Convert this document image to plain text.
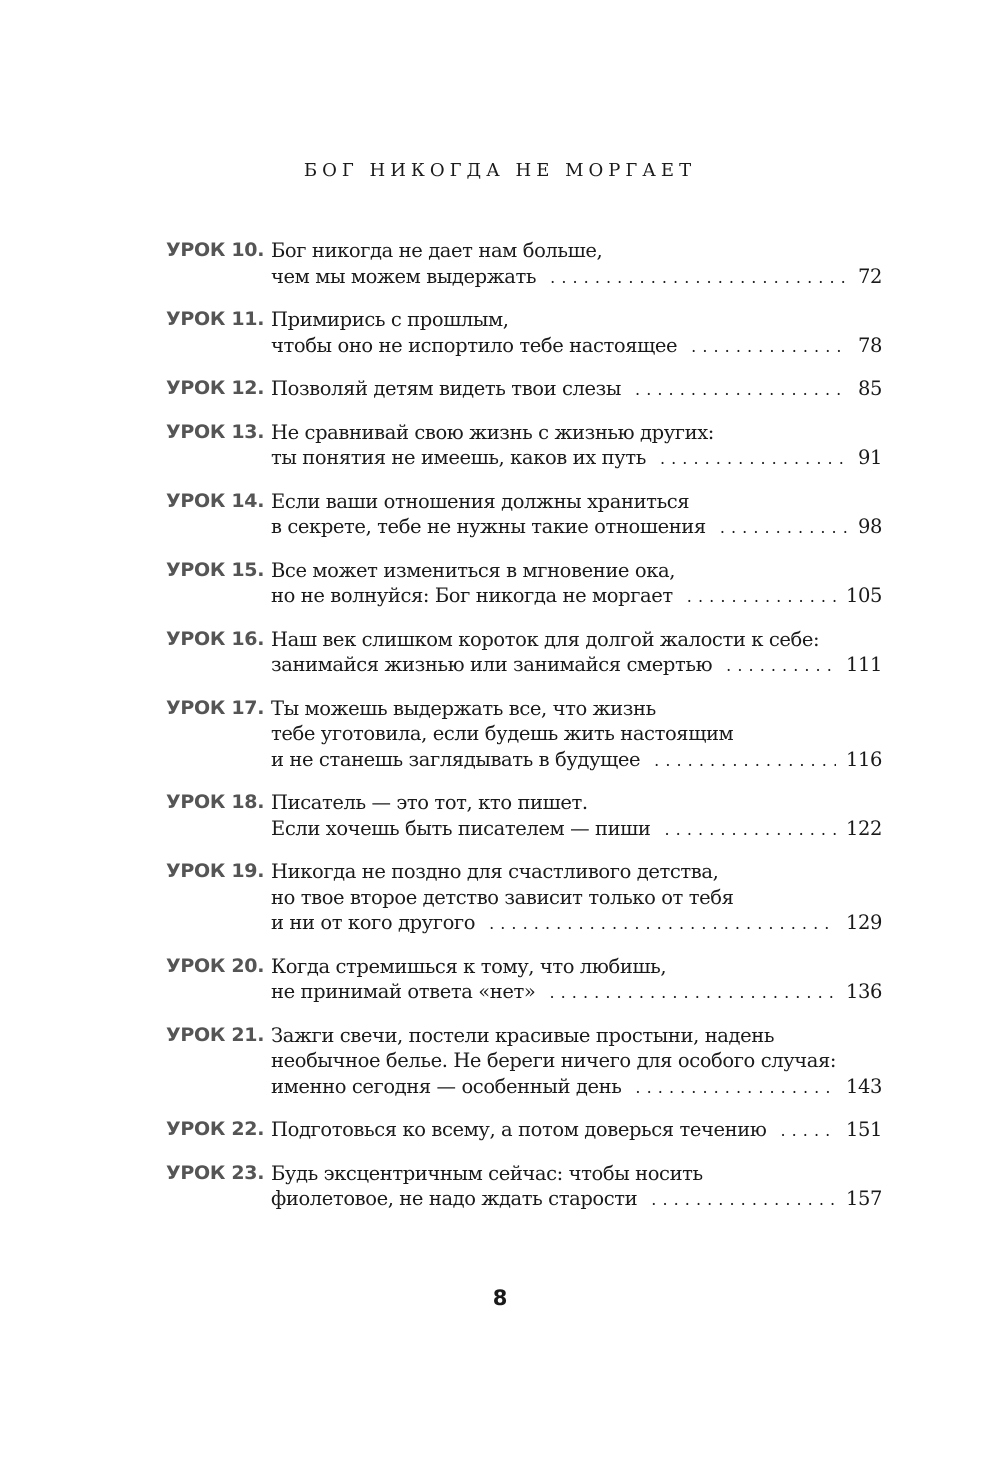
БОГ НИКОГДА НЕ МОРГАЕТ
УРОК 10. Бог никогда не дает нам больше,
чем мы можем выдержать . . .	72
УРОК 11. Примирись с прошлым,
чтобы оно не испортило тебе настоящее . . .	78
УРОК 12. Позволяй детям видеть твои слезы . . .	85
УРОК 13. Не сравнивай свою жизнь с жизнью других:
ты понятия не имеешь, каков их путь . . .	91
УРОК 14. Если ваши отношения должны храниться
в секрете, тебе не нужны такие отношения . . .	98
УРОК 15. Все может измениться в мгновение ока,
но не волнуйся: Бог никогда не моргает . . .	105
УРОК 16. Наш век слишком короток для долгой жалости к себе:
занимайся жизнью или занимайся смертью . . .	111
УРОК 17. Ты можешь выдержать все, что жизнь
тебе уготовила, если будешь жить настоящим
и не станешь заглядывать в будущее . . .	116
УРОК 18. Писатель — это тот, кто пишет.
Если хочешь быть писателем — пиши . . .	122
УРОК 19. Никогда не поздно для счастливого детства,
но твое второе детство зависит только от тебя
и ни от кого другого . . .	129
УРОК 20. Когда стремишься к тому, что любишь,
не принимай ответа «нет» . . .	136
УРОК 21. Зажги свечи, постели красивые простыни, надень
необычное белье. Не береги ничего для особого случая:
именно сегодня — особенный день . . .	143
УРОК 22. Подготовься ко всему, а потом доверься течению . . .	151
УРОК 23. Будь эксцентричным сейчас: чтобы носить
фиолетовое, не надо ждать старости . . .	157
8
